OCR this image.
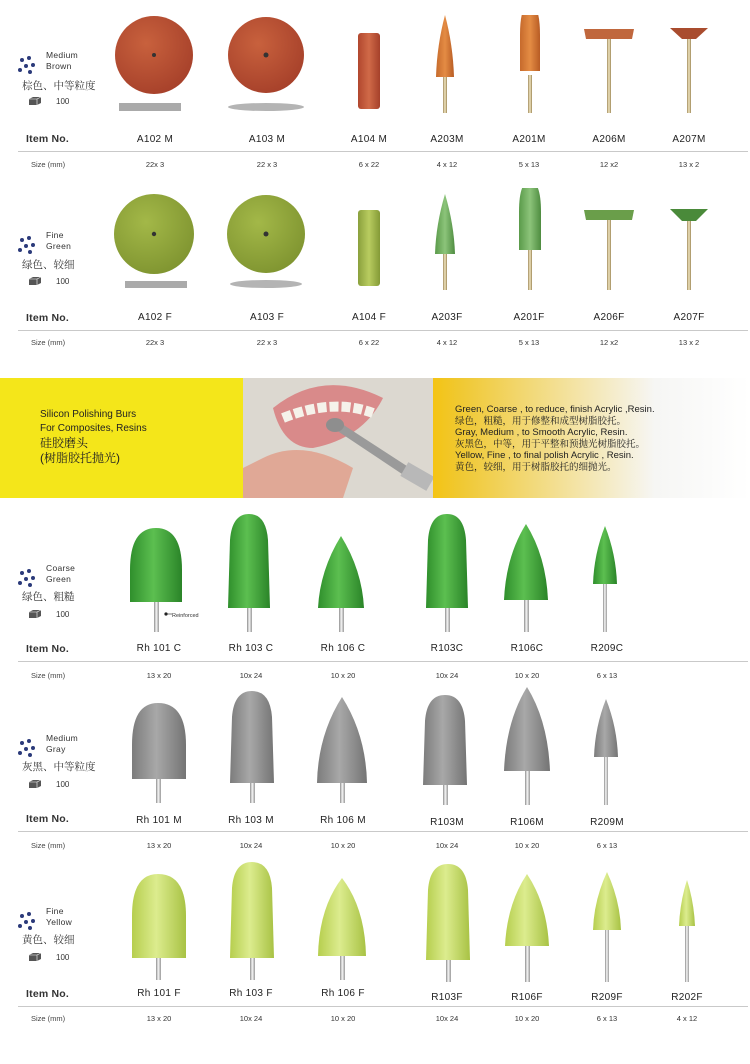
Medium
Brown
棕色、中等粒度
100
Item No.
Size (mm)
A102 M	A103 M	A104 M	A203M	A201M	A206M	A207M
22x 3	22 x 3	6 x 22	4 x 12	5 x 13	12 x2	13 x 2
Fine
Green
绿色、较细
100
Item No.
Size (mm)
A102 F	A103 F	A104 F	A203F	A201F	A206F	A207F
22x 3	22 x 3	6 x 22	4 x 12	5 x 13	12 x2	13 x 2
Silicon Polishing Burs
For Composites, Resins
硅胶磨头
(树脂胶托抛光)
Green, Coarse , to reduce, finish Acrylic ,Resin.
绿色，粗糙，用于修整和成型树脂胶托。
Gray, Medium , to Smooth Acrylic, Resin.
灰黑色，中等，用于平整和预抛光树脂胶托。
Yellow, Fine , to final polish Acrylic , Resin.
黄色，较细，用于树脂胶托的细抛光。
Coarse
Green
绿色、粗糙
100	Reinforced
Item No.
Size (mm)
Rh 101 C	Rh 103 C	Rh 106 C	R103C	R106C	R209C
13 x 20	10x 24	10 x 20	10x 24	10 x 20	6 x 13
Medium
Gray
灰黑、中等粒度
100
Item No.
Size (mm)
Rh 101 M	Rh 103 M	Rh 106 M	R103M	R106M	R209M
13 x 20	10x 24	10 x 20	10x 24	10 x 20	6 x 13
Fine
Yellow
黄色、较细
100
Item No.
Size (mm)
Rh 101 F	Rh 103 F	Rh 106 F	R103F	R106F	R209F	R202F
13 x 20	10x 24	10 x 20	10x 24	10 x 20	6 x 13	4 x 12
